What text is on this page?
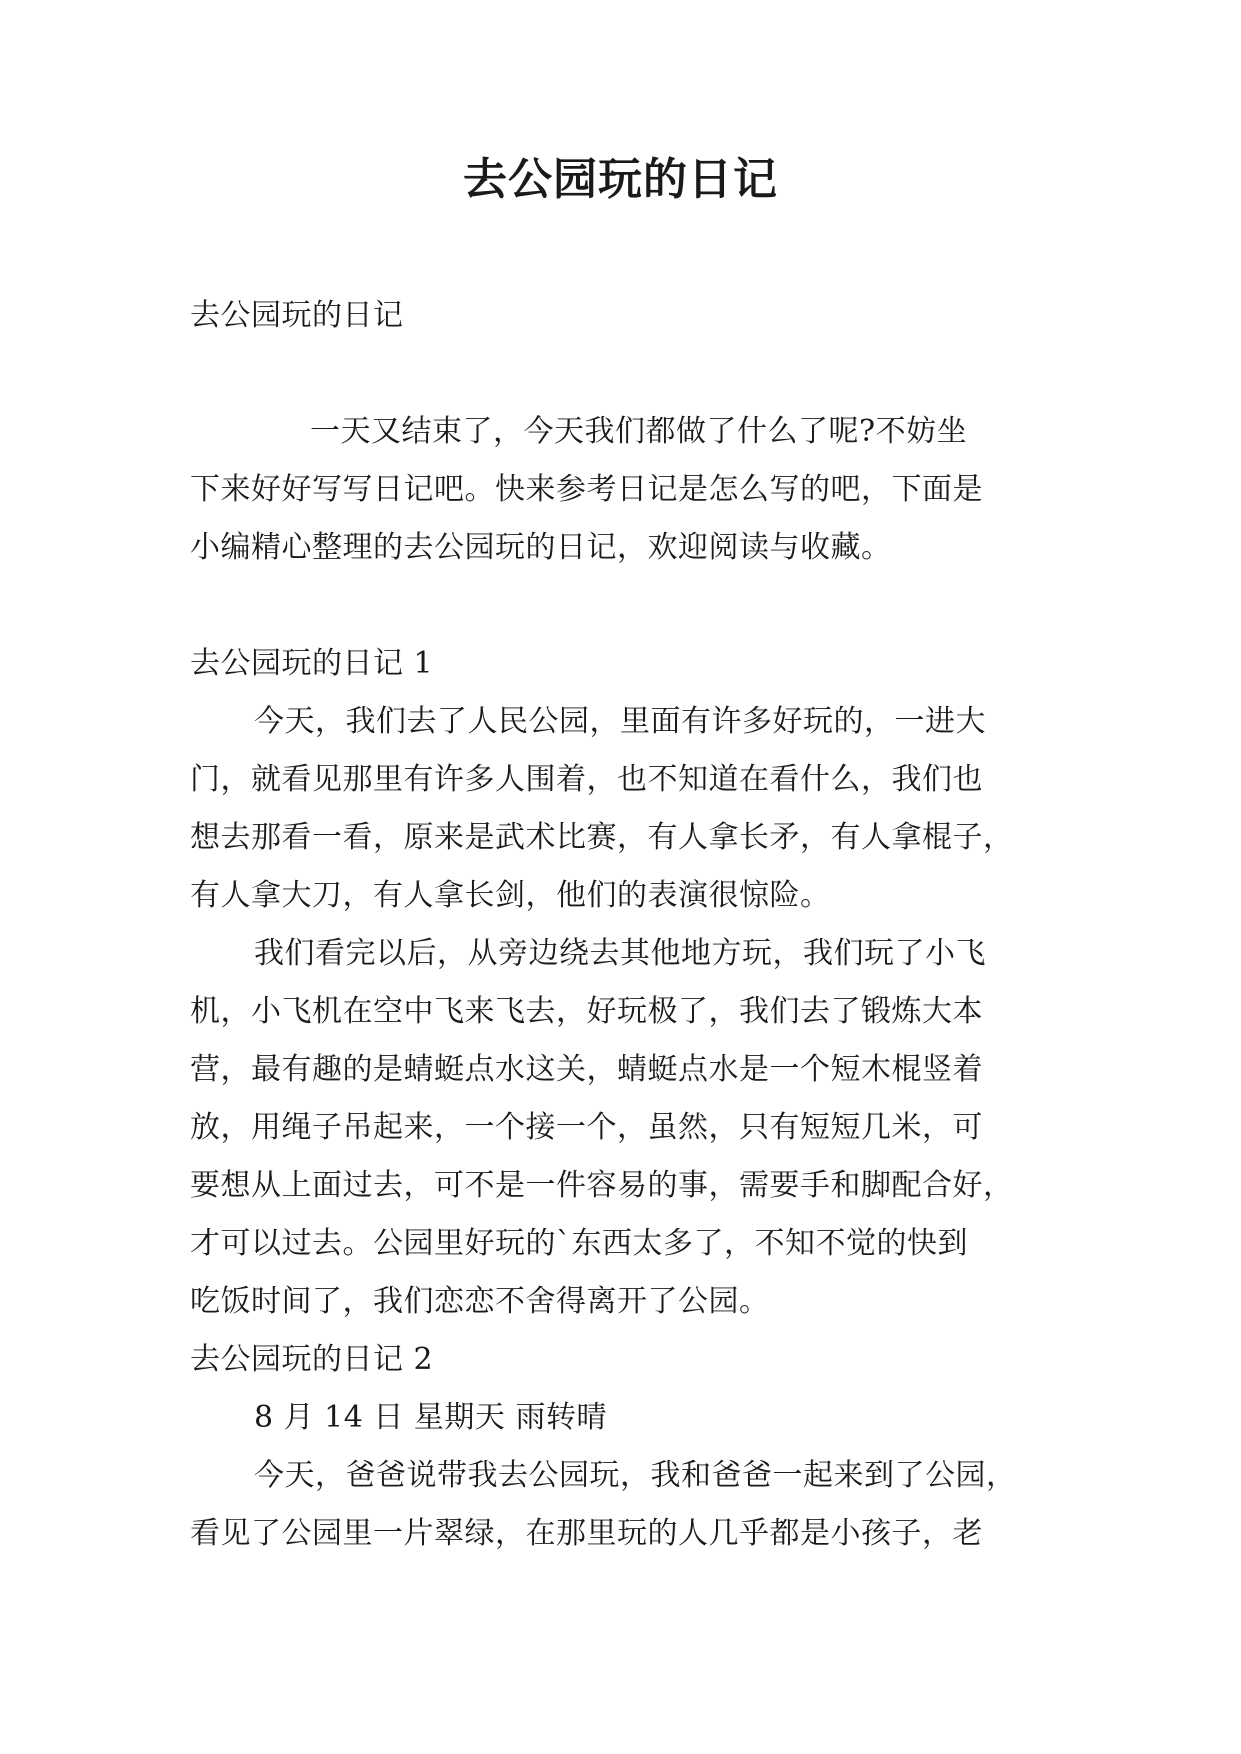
去公园玩的日记

去公园玩的日记

一天又结束了，今天我们都做了什么了呢?不妨坐

下来好好写写日记吧。快来参考日记是怎么写的吧，下面是

小编精心整理的去公园玩的日记，欢迎阅读与收藏。

去公园玩的日记 1

今天，我们去了人民公园，里面有许多好玩的，一进大

门，就看见那里有许多人围着，也不知道在看什么，我们也

想去那看一看，原来是武术比赛，有人拿长矛，有人拿棍子，

有人拿大刀，有人拿长剑，他们的表演很惊险。

我们看完以后，从旁边绕去其他地方玩，我们玩了小飞

机，小飞机在空中飞来飞去，好玩极了，我们去了锻炼大本

营，最有趣的是蜻蜓点水这关，蜻蜓点水是一个短木棍竖着

放，用绳子吊起来，一个接一个，虽然，只有短短几米，可

要想从上面过去，可不是一件容易的事，需要手和脚配合好，

才可以过去。公园里好玩的`东西太多了，不知不觉的快到

吃饭时间了，我们恋恋不舍得离开了公园。

去公园玩的日记 2

8 月 14 日 星期天 雨转晴

今天，爸爸说带我去公园玩，我和爸爸一起来到了公园，

看见了公园里一片翠绿，在那里玩的人几乎都是小孩子，老
